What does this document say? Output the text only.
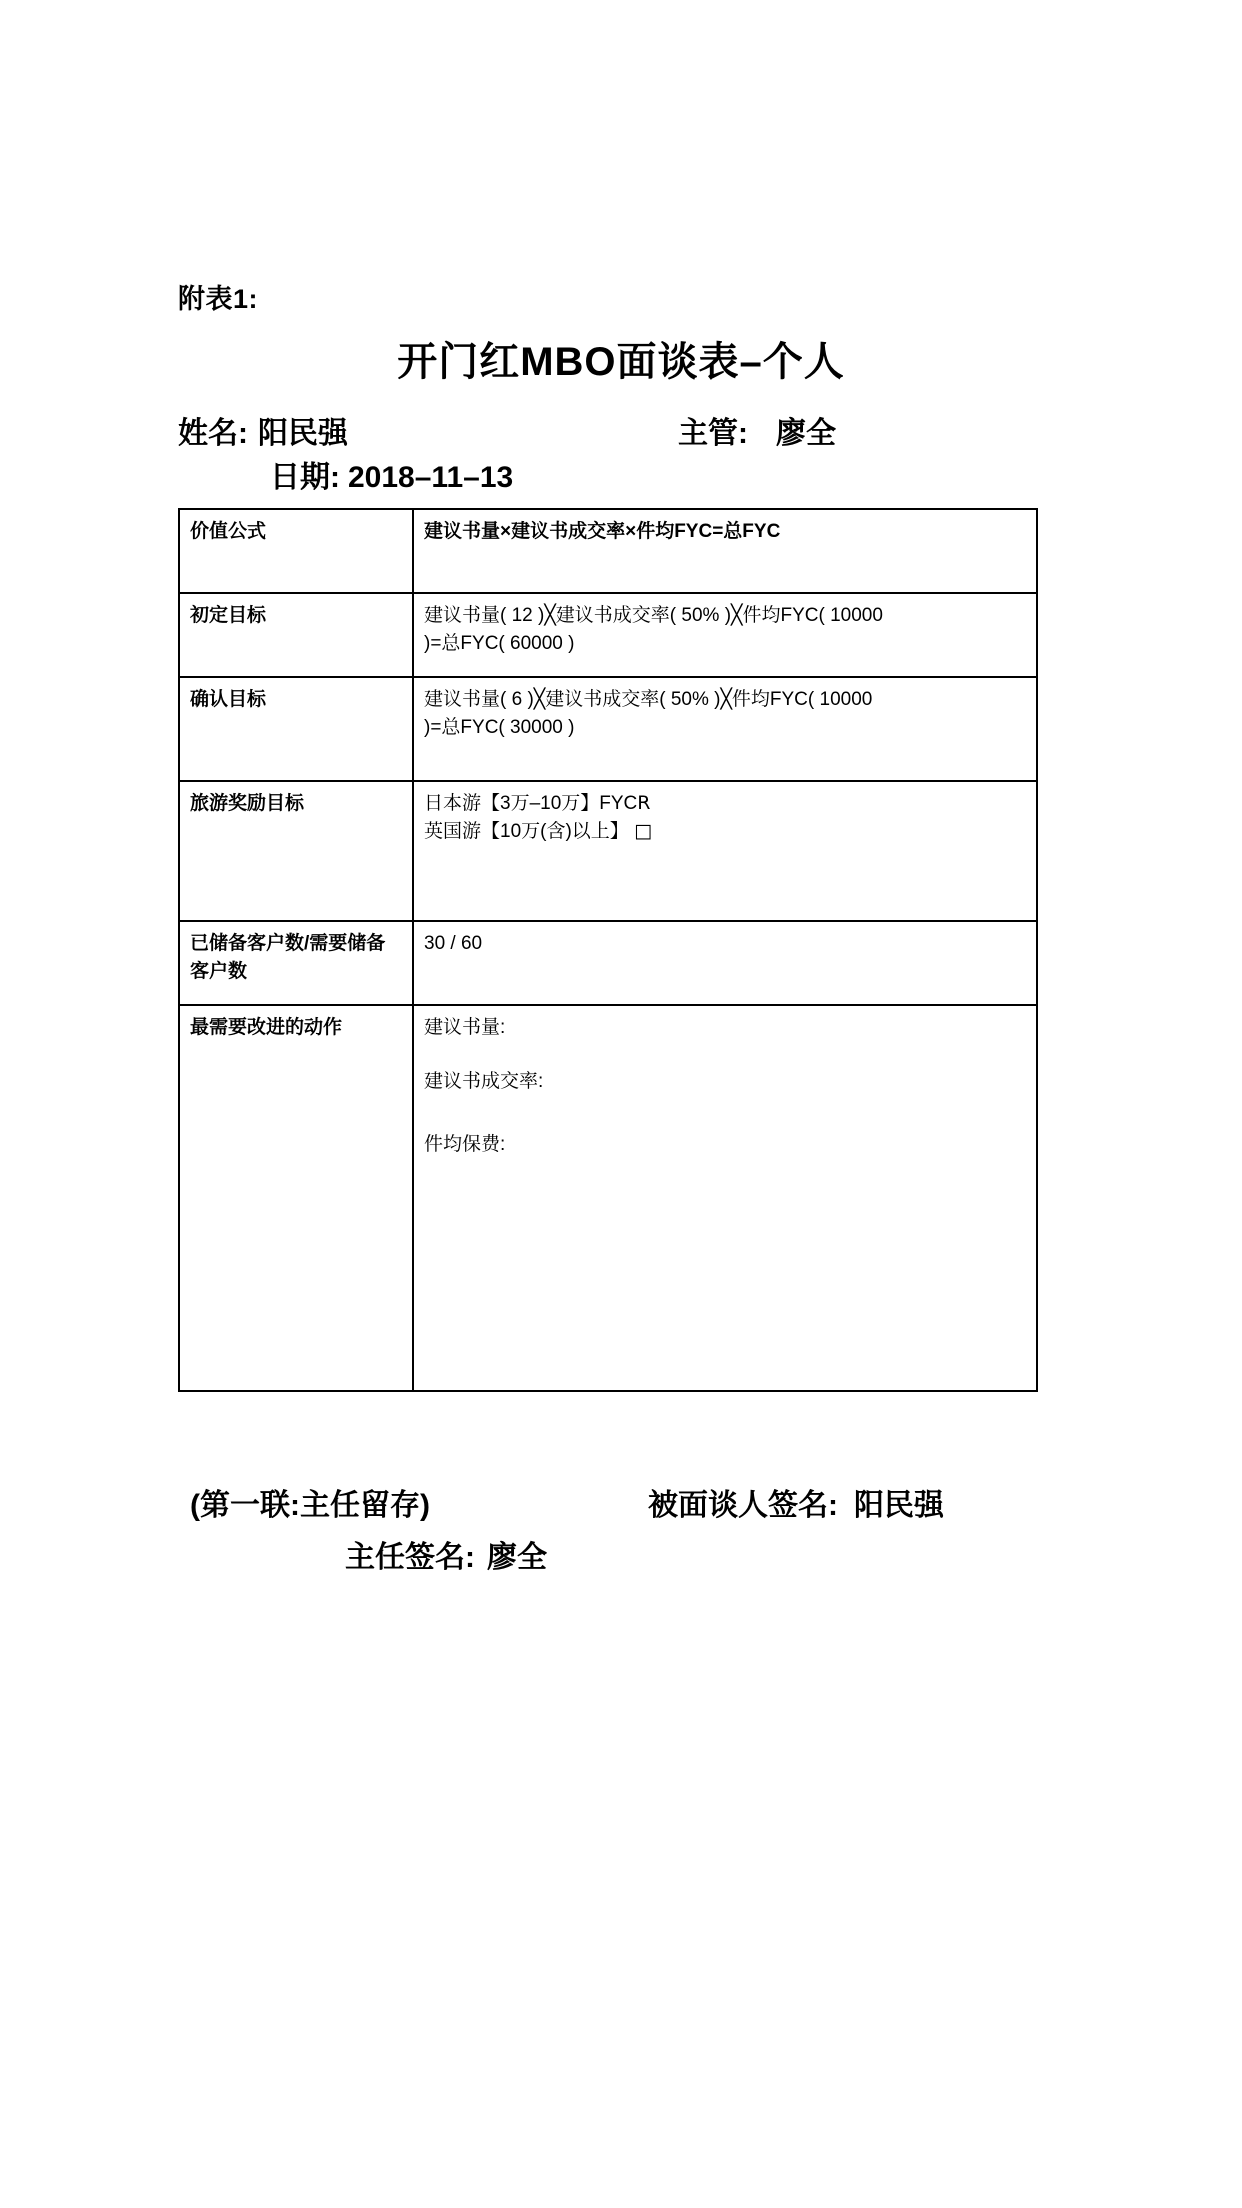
附表1:
开门红MBO面谈表–个人
姓名: 阳民强	主管: 廖全
日期: 2018–11–13
价值公式	建议书量×建议书成交率×件均FYC=总FYC
初定目标	建议书量( 12 )╳建议书成交率( 50% )╳件均FYC( 10000
)=总FYC( 60000 )

确认目标	建议书量( 6 )╳建议书成交率( 50% )╳件均FYC( 10000
)=总FYC( 30000 )

旅游奖励目标	日本游【3万–10万】FYCR
英国游【10万(含)以上】 □

已储备客户数/需要储备客户数	30 / 60
最需要改进的动作	建议书量:
建议书成交率:
件均保费:
(第一联:主任留存)	被面谈人签名: 阳民强
主任签名: 廖全
